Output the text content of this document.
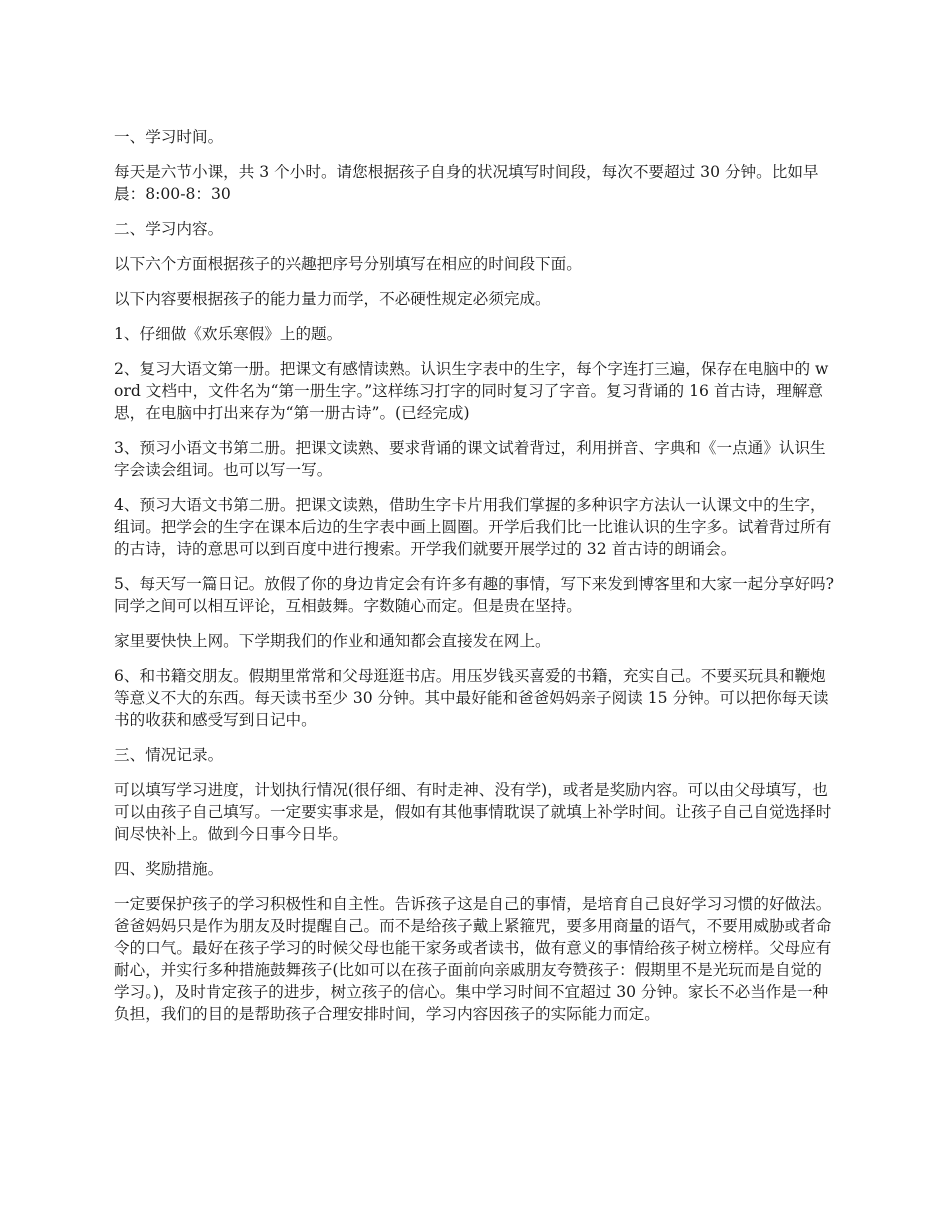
一、学习时间。

每天是六节小课，共 3 个小时。请您根据孩子自身的状况填写时间段，每次不要超过 30 分钟。比如早晨：8:00-8：30

二、学习内容。

以下六个方面根据孩子的兴趣把序号分别填写在相应的时间段下面。

以下内容要根据孩子的能力量力而学，不必硬性规定必须完成。

1、仔细做《欢乐寒假》上的题。

2、复习大语文第一册。把课文有感情读熟。认识生字表中的生字，每个字连打三遍，保存在电脑中的 word 文档中，文件名为“第一册生字。”这样练习打字的同时复习了字音。复习背诵的 16 首古诗，理解意思，在电脑中打出来存为“第一册古诗”。(已经完成)

3、预习小语文书第二册。把课文读熟、要求背诵的课文试着背过，利用拼音、字典和《一点通》认识生字会读会组词。也可以写一写。

4、预习大语文书第二册。把课文读熟，借助生字卡片用我们掌握的多种识字方法认一认课文中的生字，组词。把学会的生字在课本后边的生字表中画上圆圈。开学后我们比一比谁认识的生字多。试着背过所有的古诗，诗的意思可以到百度中进行搜索。开学我们就要开展学过的 32 首古诗的朗诵会。

5、每天写一篇日记。放假了你的身边肯定会有许多有趣的事情，写下来发到博客里和大家一起分享好吗?同学之间可以相互评论，互相鼓舞。字数随心而定。但是贵在坚持。

家里要快快上网。下学期我们的作业和通知都会直接发在网上。

6、和书籍交朋友。假期里常常和父母逛逛书店。用压岁钱买喜爱的书籍，充实自己。不要买玩具和鞭炮等意义不大的东西。每天读书至少 30 分钟。其中最好能和爸爸妈妈亲子阅读 15 分钟。可以把你每天读书的收获和感受写到日记中。

三、情况记录。

可以填写学习进度，计划执行情况(很仔细、有时走神、没有学)，或者是奖励内容。可以由父母填写，也可以由孩子自己填写。一定要实事求是，假如有其他事情耽误了就填上补学时间。让孩子自己自觉选择时间尽快补上。做到今日事今日毕。

四、奖励措施。

一定要保护孩子的学习积极性和自主性。告诉孩子这是自己的事情，是培育自己良好学习习惯的好做法。爸爸妈妈只是作为朋友及时提醒自己。而不是给孩子戴上紧箍咒，要多用商量的语气，不要用威胁或者命令的口气。最好在孩子学习的时候父母也能干家务或者读书，做有意义的事情给孩子树立榜样。父母应有耐心，并实行多种措施鼓舞孩子(比如可以在孩子面前向亲戚朋友夸赞孩子：假期里不是光玩而是自觉的学习。)，及时肯定孩子的进步，树立孩子的信心。集中学习时间不宜超过 30 分钟。家长不必当作是一种负担，我们的目的是帮助孩子合理安排时间，学习内容因孩子的实际能力而定。
